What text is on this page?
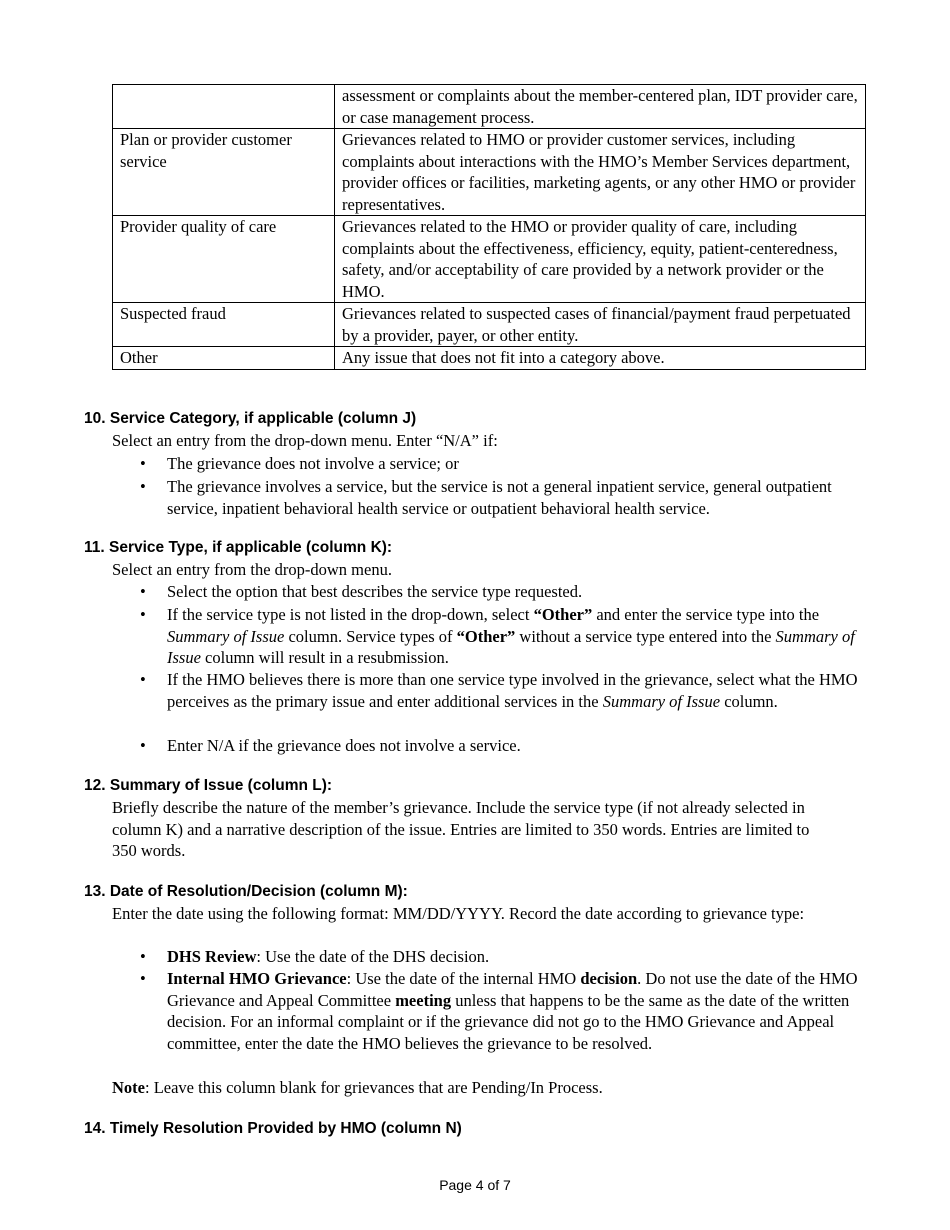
	assessment or complaints about the member-centered plan, IDT provider care, or case management process.
Plan or provider customer service	Grievances related to HMO or provider customer services, including complaints about interactions with the HMO’s Member Services department, provider offices or facilities, marketing agents, or any other HMO or provider representatives.
Provider quality of care	Grievances related to the HMO or provider quality of care, including complaints about the effectiveness, efficiency, equity, patient-centeredness, safety, and/or acceptability of care provided by a network provider or the HMO.
Suspected fraud	Grievances related to suspected cases of financial/payment fraud perpetuated by a provider, payer, or other entity.
Other	Any issue that does not fit into a category above.
10. Service Category, if applicable (column J)
Select an entry from the drop-down menu. Enter “N/A” if:
• The grievance does not involve a service; or
• The grievance involves a service, but the service is not a general inpatient service, general outpatient service, inpatient behavioral health service or outpatient behavioral health service.
11. Service Type, if applicable (column K):
Select an entry from the drop-down menu.
• Select the option that best describes the service type requested.
• If the service type is not listed in the drop-down, select “Other” and enter the service type into the Summary of Issue column. Service types of “Other” without a service type entered into the Summary of Issue column will result in a resubmission.
• If the HMO believes there is more than one service type involved in the grievance, select what the HMO perceives as the primary issue and enter additional services in the Summary of Issue column.
• Enter N/A if the grievance does not involve a service.
12. Summary of Issue (column L):
Briefly describe the nature of the member’s grievance. Include the service type (if not already selected in column K) and a narrative description of the issue. Entries are limited to 350 words. Entries are limited to 350 words.
13. Date of Resolution/Decision (column M):
Enter the date using the following format: MM/DD/YYYY. Record the date according to grievance type:
• DHS Review: Use the date of the DHS decision.
• Internal HMO Grievance: Use the date of the internal HMO decision. Do not use the date of the HMO Grievance and Appeal Committee meeting unless that happens to be the same as the date of the written decision. For an informal complaint or if the grievance did not go to the HMO Grievance and Appeal committee, enter the date the HMO believes the grievance to be resolved.
Note: Leave this column blank for grievances that are Pending/In Process.
14. Timely Resolution Provided by HMO (column N)
Page 4 of 7
